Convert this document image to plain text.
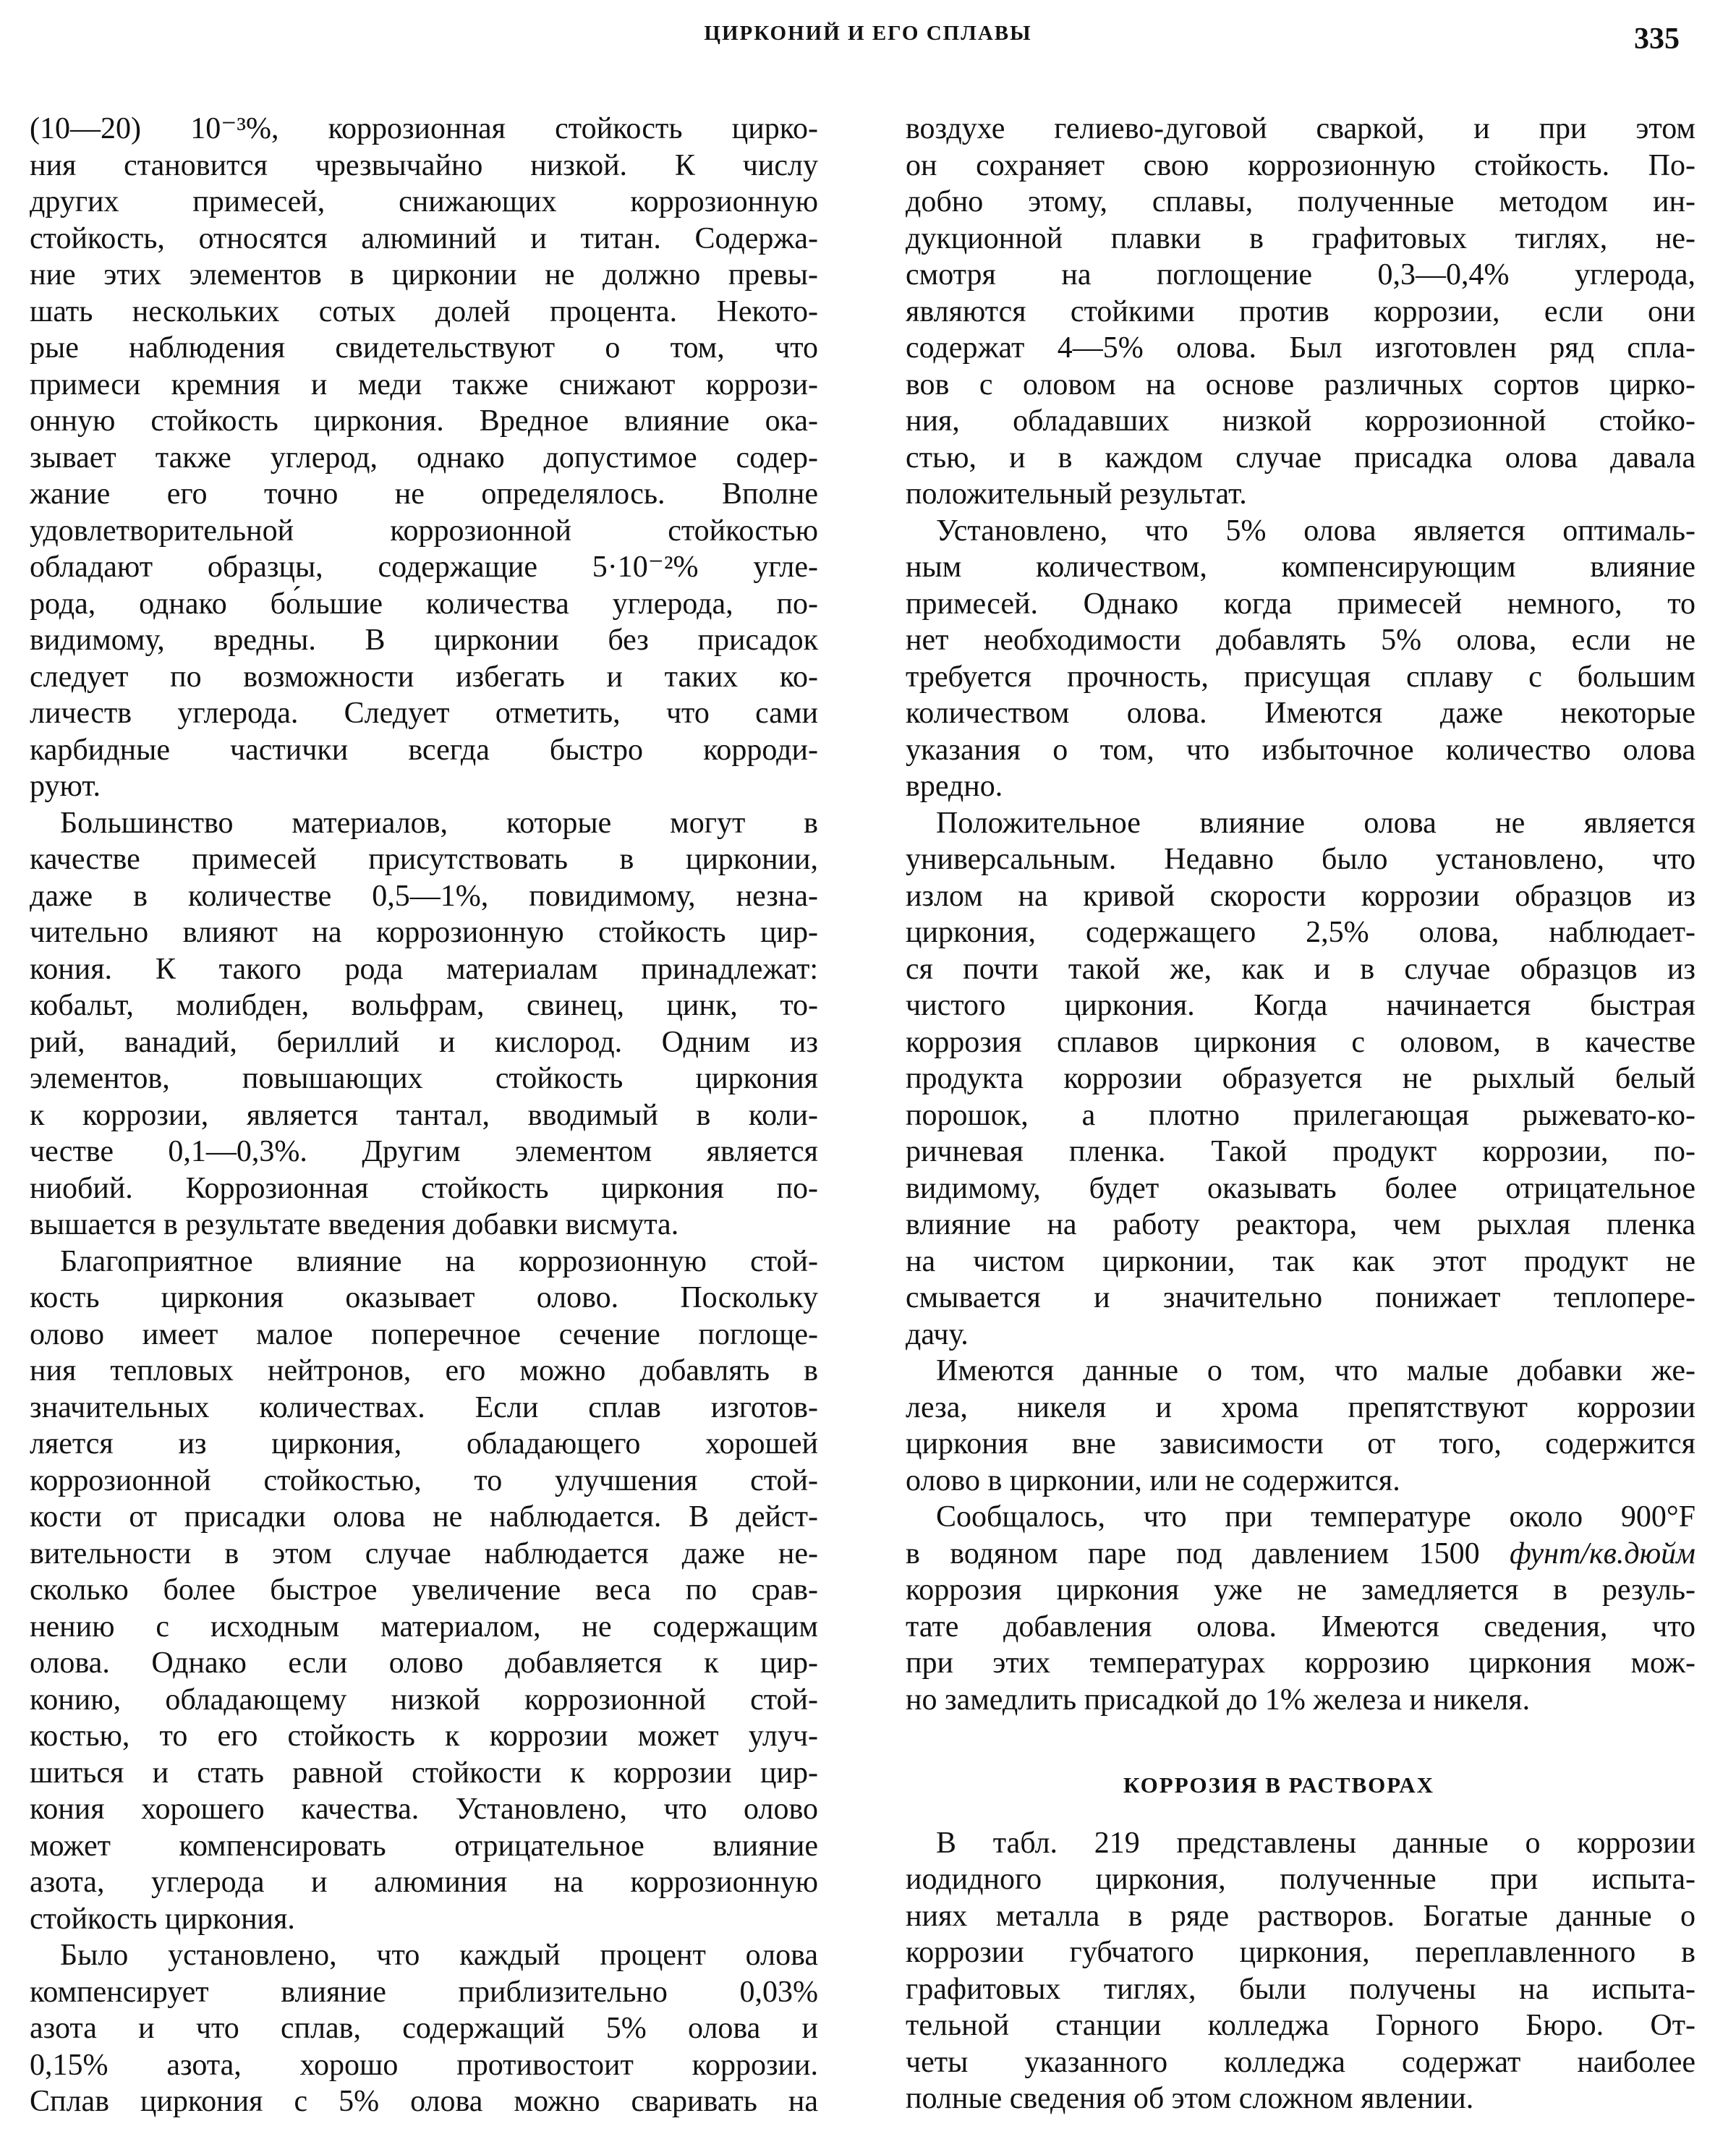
ЦИРКОНИЙ И ЕГО СПЛАВЫ	335
(10—20) 10⁻³%, коррозионная стойкость цирко-
ния становится чрезвычайно низкой. К числу
других примесей, снижающих коррозионную
стойкость, относятся алюминий и титан. Содержа-
ние этих элементов в цирконии не должно превы-
шать нескольких сотых долей процента. Некото-
рые наблюдения свидетельствуют о том, что
примеси кремния и меди также снижают коррози-
онную стойкость циркония. Вредное влияние ока-
зывает также углерод, однако допустимое содер-
жание его точно не определялось. Вполне
удовлетворительной коррозионной стойкостью
обладают образцы, содержащие 5·10⁻²% угле-
рода, однако бо́льшие количества углерода, по-
видимому, вредны. В цирконии без присадок
следует по возможности избегать и таких ко-
личеств углерода. Следует отметить, что сами
карбидные частички всегда быстро корроди-
руют.
Большинство материалов, которые могут в
качестве примесей присутствовать в цирконии,
даже в количестве 0,5—1%, повидимому, незна-
чительно влияют на коррозионную стойкость цир-
кония. К такого рода материалам принадлежат:
кобальт, молибден, вольфрам, свинец, цинк, то-
рий, ванадий, бериллий и кислород. Одним из
элементов, повышающих стойкость циркония
к коррозии, является тантал, вводимый в коли-
честве 0,1—0,3%. Другим элементом является
ниобий. Коррозионная стойкость циркония по-
вышается в результате введения добавки висмута.
Благоприятное влияние на коррозионную стой-
кость циркония оказывает олово. Поскольку
олово имеет малое поперечное сечение поглоще-
ния тепловых нейтронов, его можно добавлять в
значительных количествах. Если сплав изготов-
ляется из циркония, обладающего хорошей
коррозионной стойкостью, то улучшения стой-
кости от присадки олова не наблюдается. В дейст-
вительности в этом случае наблюдается даже не-
сколько более быстрое увеличение веса по срав-
нению с исходным материалом, не содержащим
олова. Однако если олово добавляется к цир-
конию, обладающему низкой коррозионной стой-
костью, то его стойкость к коррозии может улуч-
шиться и стать равной стойкости к коррозии цир-
кония хорошего качества. Установлено, что олово
может компенсировать отрицательное влияние
азота, углерода и алюминия на коррозионную
стойкость циркония.
Было установлено, что каждый процент олова
компенсирует влияние приблизительно 0,03%
азота и что сплав, содержащий 5% олова и
0,15% азота, хорошо противостоит коррозии.
Сплав циркония с 5% олова можно сваривать на
воздухе гелиево-дуговой сваркой, и при этом
он сохраняет свою коррозионную стойкость. По-
добно этому, сплавы, полученные методом ин-
дукционной плавки в графитовых тиглях, не-
смотря на поглощение 0,3—0,4% углерода,
являются стойкими против коррозии, если они
содержат 4—5% олова. Был изготовлен ряд спла-
вов с оловом на основе различных сортов цирко-
ния, обладавших низкой коррозионной стойко-
стью, и в каждом случае присадка олова давала
положительный результат.
Установлено, что 5% олова является оптималь-
ным количеством, компенсирующим влияние
примесей. Однако когда примесей немного, то
нет необходимости добавлять 5% олова, если не
требуется прочность, присущая сплаву с большим
количеством олова. Имеются даже некоторые
указания о том, что избыточное количество олова
вредно.
Положительное влияние олова не является
универсальным. Недавно было установлено, что
излом на кривой скорости коррозии образцов из
циркония, содержащего 2,5% олова, наблюдает-
ся почти такой же, как и в случае образцов из
чистого циркония. Когда начинается быстрая
коррозия сплавов циркония с оловом, в качестве
продукта коррозии образуется не рыхлый белый
порошок, а плотно прилегающая рыжевато-ко-
ричневая пленка. Такой продукт коррозии, по-
видимому, будет оказывать более отрицательное
влияние на работу реактора, чем рыхлая пленка
на чистом цирконии, так как этот продукт не
смывается и значительно понижает теплопере-
дачу.
Имеются данные о том, что малые добавки же-
леза, никеля и хрома препятствуют коррозии
циркония вне зависимости от того, содержится
олово в цирконии, или не содержится.
Сообщалось, что при температуре около 900°F
в водяном паре под давлением 1500 фунт/кв.дюйм
коррозия циркония уже не замедляется в резуль-
тате добавления олова. Имеются сведения, что
при этих температурах коррозию циркония мож-
но замедлить присадкой до 1% железа и никеля.
КОРРОЗИЯ В РАСТВОРАХ
В табл. 219 представлены данные о коррозии
иодидного циркония, полученные при испыта-
ниях металла в ряде растворов. Богатые данные о
коррозии губчатого циркония, переплавленного в
графитовых тиглях, были получены на испыта-
тельной станции колледжа Горного Бюро. От-
четы указанного колледжа содержат наиболее
полные сведения об этом сложном явлении.
